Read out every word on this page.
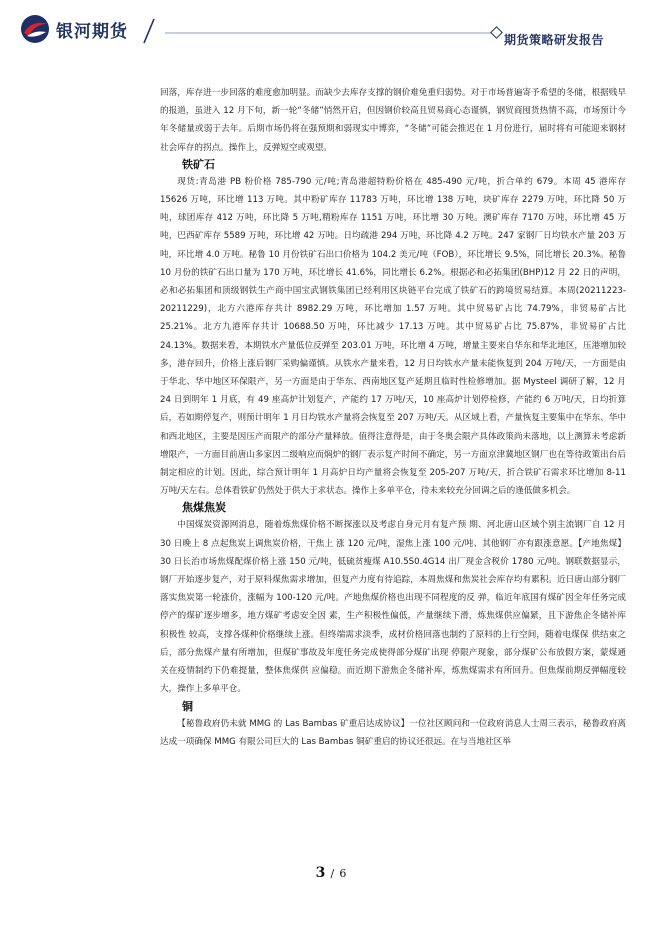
银河期货	期货策略研发报告

回落，库存进一步回落的难度愈加明显。而缺少去库存支撑的钢价难免重归弱势。对于市场普遍寄予希望的冬储，根据贱早的报道，虽进入 12 月下旬，新一轮“冬储”悄然开启，但因钢价较高且贸易商心态谨慎，钢贸商囤货热情不高，市场预计今年冬储量或弱于去年。后期市场仍将在强预期和弱现实中博弈，“冬储”可能会推迟在 1 月份进行，届时将有可能迎来钢材社会库存的拐点。操作上，反弹短空或观望。

铁矿石

现货:青岛港 PB 粉价格 785-790 元/吨;青岛港超特粉价格在 485-490 元/吨，折合单约 679。本周 45 港库存 15626 万吨，环比增 113 万吨。其中粉矿库存 11783 万吨，环比增 138 万吨，块矿库存 2279 万吨，环比降 50 万吨，球团库存 412 万吨，环比降 5 万吨,精粉库存 1151 万吨，环比增 30 万吨。澳矿库存 7170 万吨，环比增 45 万吨，巴西矿库存 5589 万吨，环比增 42 万吨。日均疏港 294 万吨，环比降 4.2 万吨。247 家钢厂日均铁水产量 203 万吨，环比增 4.0 万吨。秘鲁 10 月份铁矿石出口价格为 104.2 美元/吨（FOB），环比增长 9.5%，同比增长 20.3%。秘鲁 10 月份的铁矿石出口量为 170 万吨，环比增长 41.6%，同比增长 6.2%。根据必和必拓集团(BHP)12 月 22 日的声明，必和必拓集团和顶级钢铁生产商中国宝武钢铁集团已经利用区块链平台完成了铁矿石的跨境贸易结算。本周(20211223-20211229)，北方六港库存共计 8982.29 万吨，环比增加 1.57 万吨。其中贸易矿占比 74.79%，非贸易矿占比 25.21%。北方九港库存共计 10688.50 万吨，环比减少 17.13 万吨。其中贸易矿占比 75.87%，非贸易矿占比 24.13%。数据来看，本期铁水产量低位反弹至 203.01 万吨，环比增 4 万吨，增量主要来自华东和华北地区，压港增加较多，港存回升，价格上涨后钢厂采购偏谨慎。从铁水产量来看，12 月日均铁水产量未能恢复到 204 万吨/天，一方面是由于华北、华中地区环保限产，另一方面是由于华东、西南地区复产延期且临时性检修增加。据 Mysteel 调研了解，12 月 24 日到明年 1 月底，有 49 座高炉计划复产，产能约 17 万吨/天，10 座高炉计划停检修，产能约 6 万吨/天，日均折算后，若如期停复产，则预计明年 1 月日均铁水产量将会恢复至 207 万吨/天。从区域上看，产量恢复主要集中在华东、华中和西北地区，主要是因压产而限产的部分产量释放。值得注意得是，由于冬奥会限产具体政策尚未落地，以上测算未考虑新增限产，一方面目前唐山多家因二级响应而焖炉的钢厂表示复产时间不确定，另一方面京津冀地区钢厂也在等待政策出台后制定相应的计划。因此，综合预计明年 1 月高炉日均产量将会恢复至 205-207 万吨/天，折合铁矿石需求环比增加 8-11 万吨/天左右。总体看铁矿仍然处于供大于求状态。操作上多单平仓，待未来较充分回调之后的逢低做多机会。

焦煤焦炭

中国煤炭资源网消息，随着炼焦煤价格不断探涨以及考虑自身元月有复产预 期、河北唐山区域个别主流钢厂自 12 月 30 日晚上 8 点起焦炭上调焦炭价格，干焦上 涨 120 元/吨，湿焦上涨 100 元/吨、其他钢厂亦有跟涨意愿。【产地焦煤】30 日长治市场焦煤配煤价格上涨 150 元/吨，低硫贫瘦煤 A10.5S0.4G14 出厂现金含税价 1780 元/吨。钢联数据显示，钢厂开始逐步复产，对于原料煤焦需求增加，但复产力度有待追踪，本周焦煤和焦炭社会库存均有累积。近日唐山部分钢厂落实焦炭第一轮涨价，涨幅为 100-120 元/吨。产地焦煤价格也出现不同程度的反 弹，临近年底国有煤矿因全年任务完成停产的煤矿逐步增多，地方煤矿考虑安全因 素，生产积极性偏低，产量继续下滑，炼焦煤供应偏紧，且下游焦企冬储补库积极性 较高，支撑各煤种价格继续上涨。但终端需求淡季，成材价格回落也制约了原料的上行空间，随着电煤保 供结束之后，部分焦煤产量有所增加，但煤矿事故及年度任务完成使得部分煤矿出现 停限产现象，部分煤矿公布放假方案，蒙煤通关在疫情制约下仍难提量，整体焦煤供 应偏稳。而近期下游焦企冬储补库，炼焦煤需求有所回升。但焦煤前期反弹幅度较大，操作上多单平仓。

铜

【秘鲁政府仍未就 MMG 的 Las Bambas 矿重启达成协议】一位社区顾问和一位政府消息人士周三表示，秘鲁政府离达成一项确保 MMG 有限公司巨大的 Las Bambas 铜矿重启的协议还很远。在与当地社区举

3 / 6
